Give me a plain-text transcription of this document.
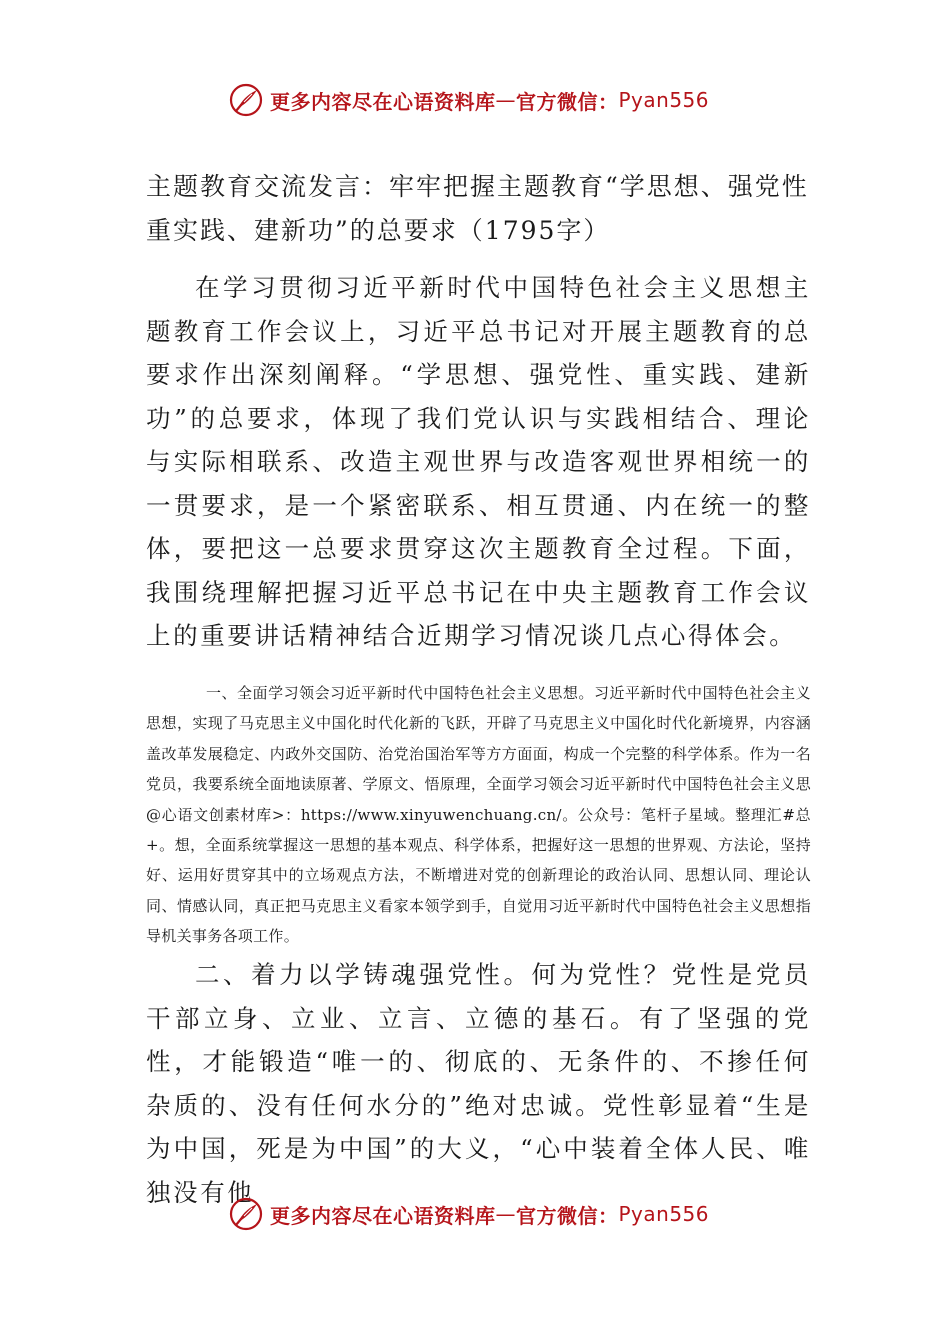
更多内容尽在心语资料库 — 官方微信： Pyan556
主题教育交流发言：牢牢把握主题教育“学思想、强党性重实践、建新功”的总要求（1795字）

在学习贯彻习近平新时代中国特色社会主义思想主题教育工作会议上，习近平总书记对开展主题教育的总要求作出深刻阐释。“学思想、强党性、重实践、建新功”的总要求，体现了我们党认识与实践相结合、理论与实际相联系、改造主观世界与改造客观世界相统一的一贯要求，是一个紧密联系、相互贯通、内在统一的整体，要把这一总要求贯穿这次主题教育全过程。下面，我围绕理解把握习近平总书记在中央主题教育工作会议上的重要讲话精神结合近期学习情况谈几点心得体会。

一、全面学习领会习近平新时代中国特色社会主义思想。习近平新时代中国特色社会主义思想，实现了马克思主义中国化时代化新的飞跃，开辟了马克思主义中国化时代化新境界，内容涵盖改革发展稳定、内政外交国防、治党治国治军等方方面面，构成一个完整的科学体系。作为一名党员，我要系统全面地读原著、学原文、悟原理，全面学习领会习近平新时代中国特色社会主义思@心语文创素材库>：https://www.xinyuwenchuang.cn/。公众号：笔杆子星域。整理汇#总+。想，全面系统掌握这一思想的基本观点、科学体系，把握好这一思想的世界观、方法论，坚持好、运用好贯穿其中的立场观点方法，不断增进对党的创新理论的政治认同、思想认同、理论认同、情感认同，真正把马克思主义看家本领学到手，自觉用习近平新时代中国特色社会主义思想指导机关事务各项工作。

二、着力以学铸魂强党性。何为党性？党性是党员干部立身、立业、立言、立德的基石。有了坚强的党性，才能锻造“唯一的、彻底的、无条件的、不掺任何杂质的、没有任何水分的”绝对忠诚。党性彰显着“生是为中国，死是为中国”的大义，“心中装着全体人民、唯独没有他

更多内容尽在心语资料库 — 官方微信： Pyan556
